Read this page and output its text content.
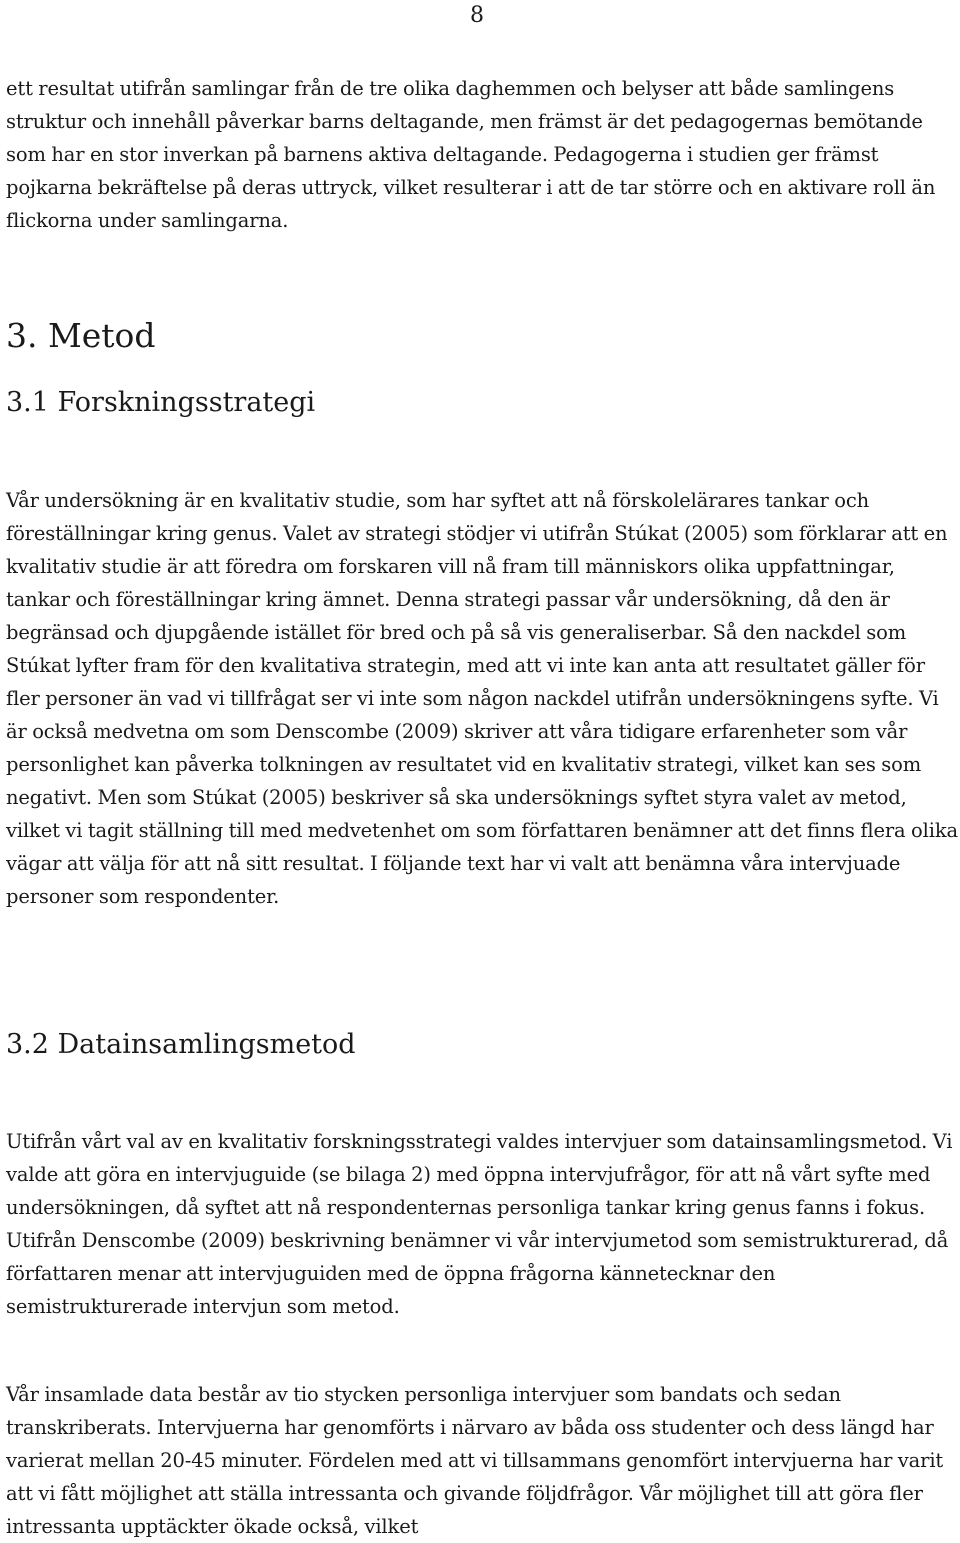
8

ett resultat utifrån samlingar från de tre olika daghemmen och belyser att både samlingens struktur och innehåll påverkar barns deltagande, men främst är det pedagogernas bemötande som har en stor inverkan på barnens aktiva deltagande. Pedagogerna i studien ger främst pojkarna bekräftelse på deras uttryck, vilket resulterar i att de tar större och en aktivare roll än flickorna under samlingarna.

3. Metod
3.1 Forskningsstrategi

Vår undersökning är en kvalitativ studie, som har syftet att nå förskolelärares tankar och föreställningar kring genus. Valet av strategi stödjer vi utifrån Stúkat (2005) som förklarar att en kvalitativ studie är att föredra om forskaren vill nå fram till människors olika uppfattningar, tankar och föreställningar kring ämnet. Denna strategi passar vår undersökning, då den är begränsad och djupgående istället för bred och på så vis generaliserbar. Så den nackdel som Stúkat lyfter fram för den kvalitativa strategin, med att vi inte kan anta att resultatet gäller för fler personer än vad vi tillfrågat ser vi inte som någon nackdel utifrån undersökningens syfte. Vi är också medvetna om som Denscombe (2009) skriver att våra tidigare erfarenheter som vår personlighet kan påverka tolkningen av resultatet vid en kvalitativ strategi, vilket kan ses som negativt. Men som Stúkat (2005) beskriver så ska undersöknings syftet styra valet av metod, vilket vi tagit ställning till med medvetenhet om som författaren benämner att det finns flera olika vägar att välja för att nå sitt resultat. I följande text har vi valt att benämna våra intervjuade personer som respondenter.

3.2 Datainsamlingsmetod

Utifrån vårt val av en kvalitativ forskningsstrategi valdes intervjuer som datainsamlingsmetod. Vi valde att göra en intervjuguide (se bilaga 2) med öppna intervjufrågor, för att nå vårt syfte med undersökningen, då syftet att nå respondenternas personliga tankar kring genus fanns i fokus. Utifrån Denscombe (2009) beskrivning benämner vi vår intervjumetod som semistrukturerad, då författaren menar att intervjuguiden med de öppna frågorna kännetecknar den semistrukturerade intervjun som metod.

Vår insamlade data består av tio stycken personliga intervjuer som bandats och sedan transkriberats. Intervjuerna har genomförts i närvaro av båda oss studenter och dess längd har varierat mellan 20-45 minuter. Fördelen med att vi tillsammans genomfört intervjuerna har varit att vi fått möjlighet att ställa intressanta och givande följdfrågor. Vår möjlighet till att göra fler intressanta upptäckter ökade också, vilket
